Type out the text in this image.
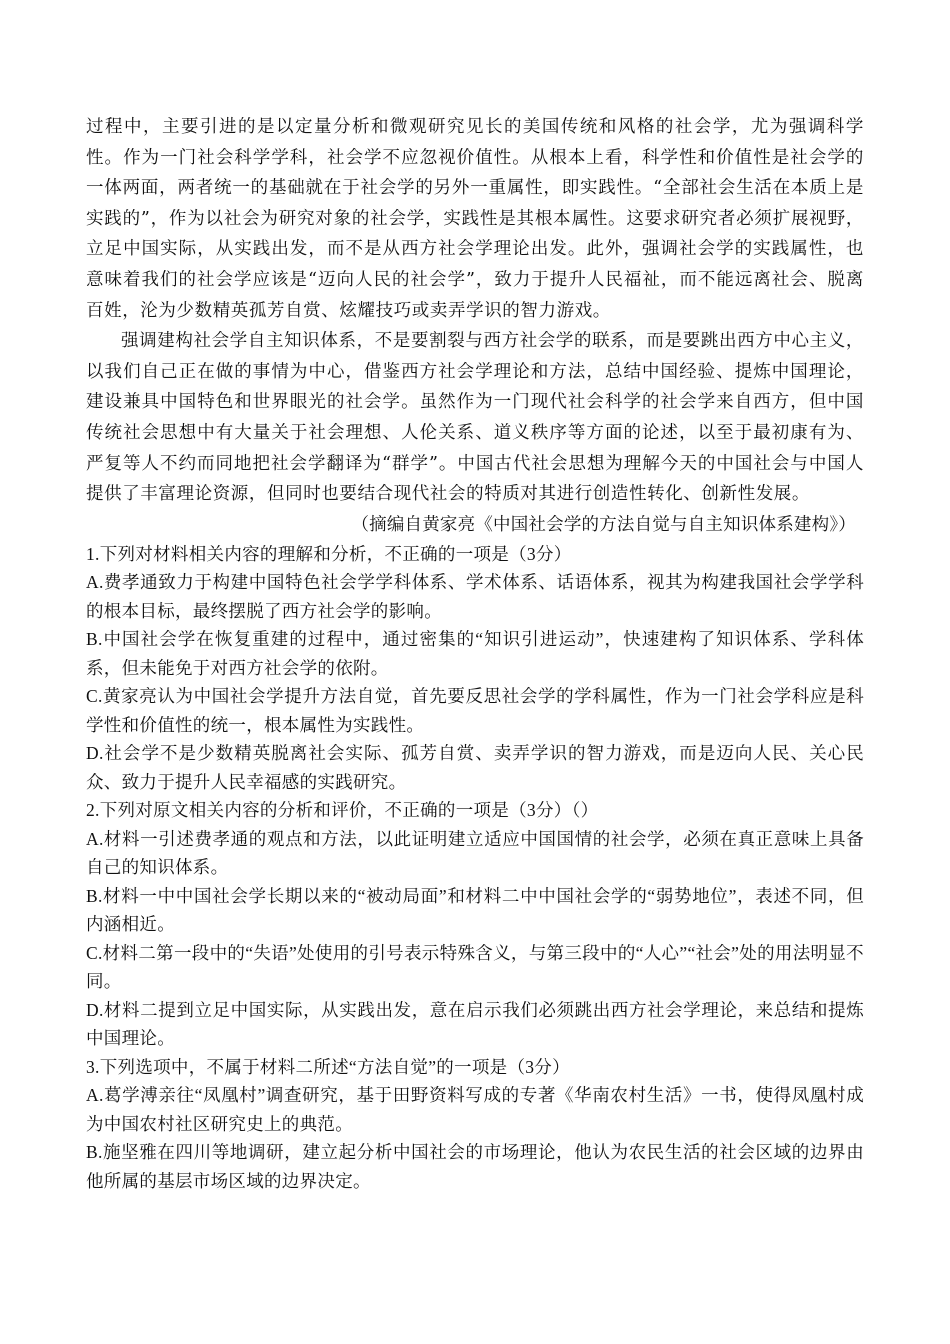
过程中，主要引进的是以定量分析和微观研究见长的美国传统和风格的社会学，尤为强调科学性。作为一门社会科学学科，社会学不应忽视价值性。从根本上看，科学性和价值性是社会学的一体两面，两者统一的基础就在于社会学的另外一重属性，即实践性。“全部社会生活在本质上是实践的”，作为以社会为研究对象的社会学，实践性是其根本属性。这要求研究者必须扩展视野，立足中国实际，从实践出发，而不是从西方社会学理论出发。此外，强调社会学的实践属性，也意味着我们的社会学应该是“迈向人民的社会学”，致力于提升人民福祉，而不能远离社会、脱离百姓，沦为少数精英孤芳自赏、炫耀技巧或卖弄学识的智力游戏。

强调建构社会学自主知识体系，不是要割裂与西方社会学的联系，而是要跳出西方中心主义，以我们自己正在做的事情为中心，借鉴西方社会学理论和方法，总结中国经验、提炼中国理论，建设兼具中国特色和世界眼光的社会学。虽然作为一门现代社会科学的社会学来自西方，但中国传统社会思想中有大量关于社会理想、人伦关系、道义秩序等方面的论述，以至于最初康有为、严复等人不约而同地把社会学翻译为“群学”。中国古代社会思想为理解今天的中国社会与中国人提供了丰富理论资源，但同时也要结合现代社会的特质对其进行创造性转化、创新性发展。

（摘编自黄家亮《中国社会学的方法自觉与自主知识体系建构》）

1.下列对材料相关内容的理解和分析，不正确的一项是（3分）

A.费孝通致力于构建中国特色社会学学科体系、学术体系、话语体系，视其为构建我国社会学学科的根本目标，最终摆脱了西方社会学的影响。

B.中国社会学在恢复重建的过程中，通过密集的“知识引进运动”，快速建构了知识体系、学科体系，但未能免于对西方社会学的依附。

C.黄家亮认为中国社会学提升方法自觉，首先要反思社会学的学科属性，作为一门社会学科应是科学性和价值性的统一，根本属性为实践性。

D.社会学不是少数精英脱离社会实际、孤芳自赏、卖弄学识的智力游戏，而是迈向人民、关心民众、致力于提升人民幸福感的实践研究。

2.下列对原文相关内容的分析和评价，不正确的一项是（3分）（）

A.材料一引述费孝通的观点和方法，以此证明建立适应中国国情的社会学，必须在真正意味上具备自己的知识体系。

B.材料一中中国社会学长期以来的“被动局面”和材料二中中国社会学的“弱势地位”，表述不同，但内涵相近。

C.材料二第一段中的“失语”处使用的引号表示特殊含义，与第三段中的“人心”“社会”处的用法明显不同。

D.材料二提到立足中国实际，从实践出发，意在启示我们必须跳出西方社会学理论，来总结和提炼中国理论。

3.下列选项中，不属于材料二所述“方法自觉”的一项是（3分）

A.葛学溥亲往“凤凰村”调查研究，基于田野资料写成的专著《华南农村生活》一书，使得凤凰村成为中国农村社区研究史上的典范。

B.施坚雅在四川等地调研，建立起分析中国社会的市场理论，他认为农民生活的社会区域的边界由他所属的基层市场区域的边界决定。
